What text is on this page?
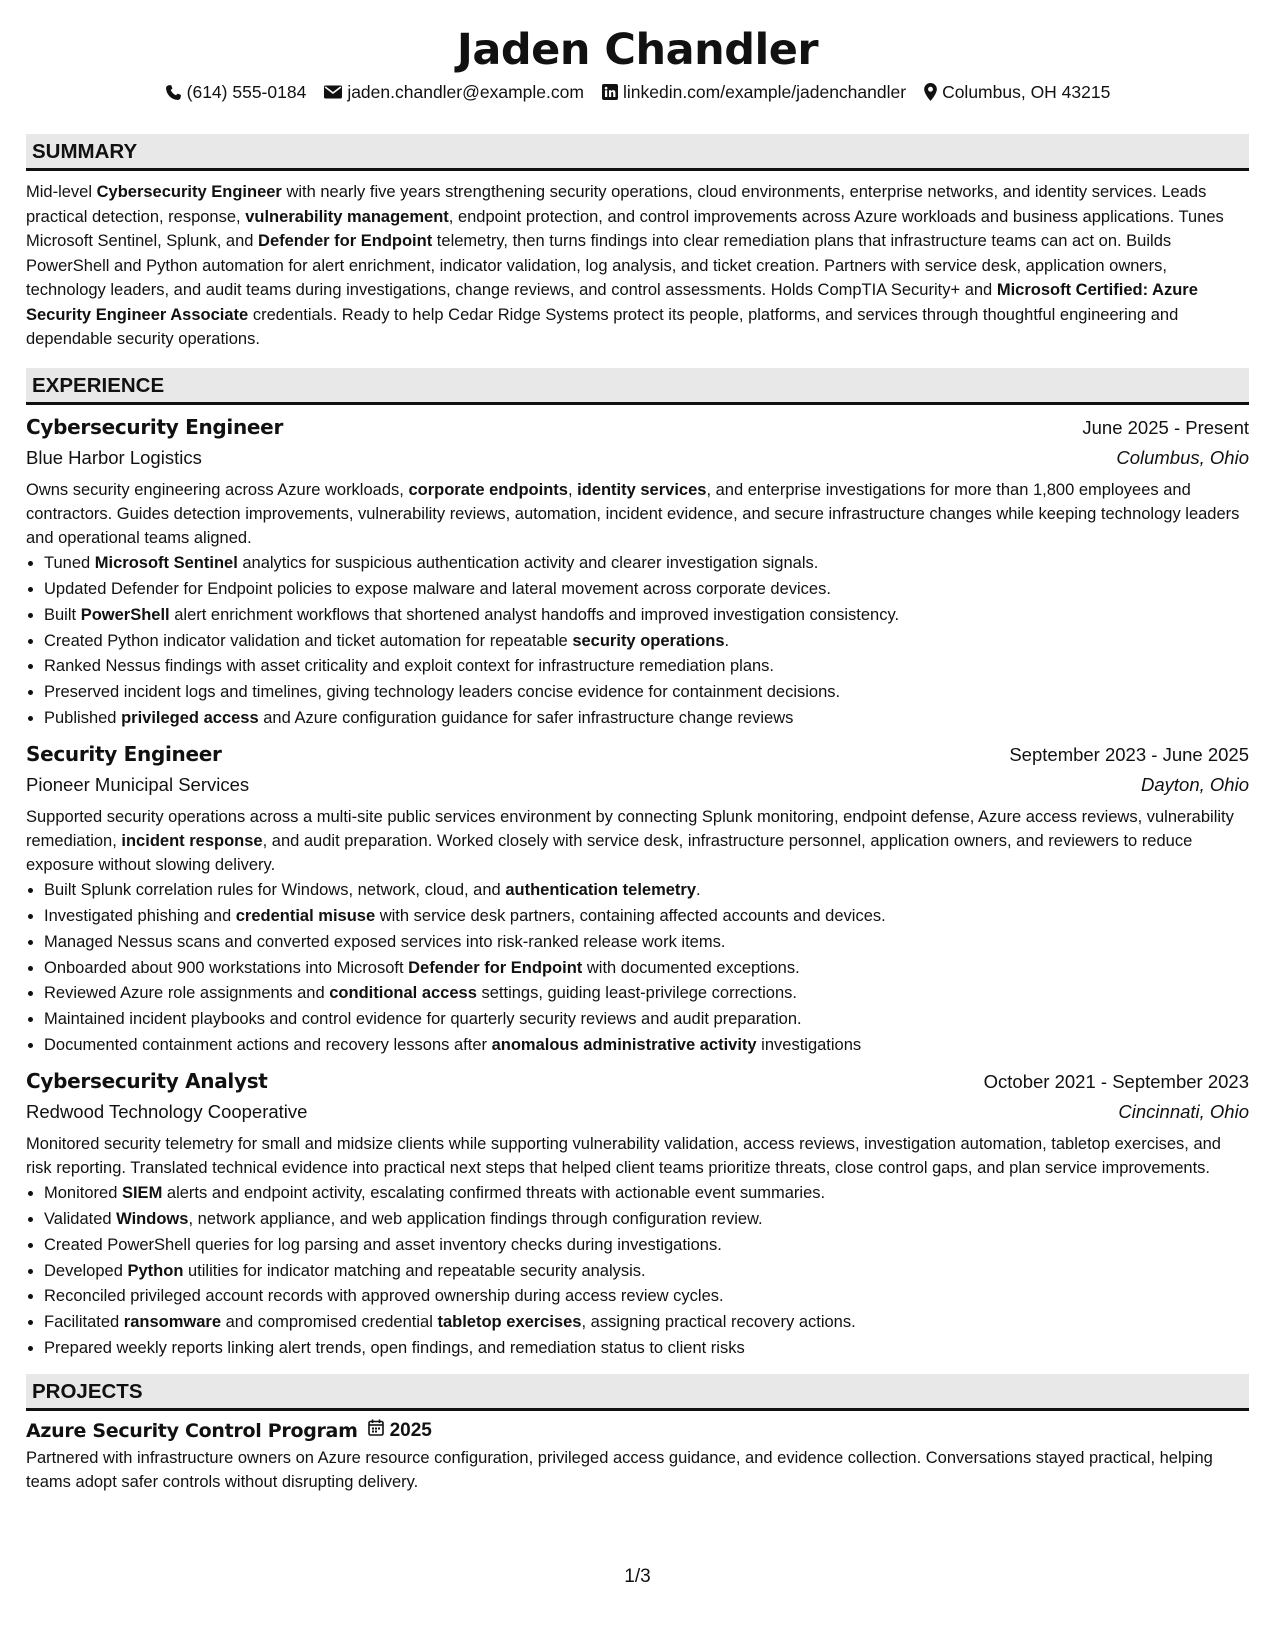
Jaden Chandler
(614) 555-0184 jaden.chandler@example.com linkedin.com/example/jadenchandler Columbus, OH 43215
SUMMARY
Mid-level Cybersecurity Engineer with nearly five years strengthening security operations, cloud environments, enterprise networks, and identity services. Leads practical detection, response, vulnerability management, endpoint protection, and control improvements across Azure workloads and business applications. Tunes Microsoft Sentinel, Splunk, and Defender for Endpoint telemetry, then turns findings into clear remediation plans that infrastructure teams can act on. Builds PowerShell and Python automation for alert enrichment, indicator validation, log analysis, and ticket creation. Partners with service desk, application owners, technology leaders, and audit teams during investigations, change reviews, and control assessments. Holds CompTIA Security+ and Microsoft Certified: Azure Security Engineer Associate credentials. Ready to help Cedar Ridge Systems protect its people, platforms, and services through thoughtful engineering and dependable security operations.
EXPERIENCE
Cybersecurity Engineer	June 2025 - Present
Blue Harbor Logistics	Columbus, Ohio
Owns security engineering across Azure workloads, corporate endpoints, identity services, and enterprise investigations for more than 1,800 employees and contractors. Guides detection improvements, vulnerability reviews, automation, incident evidence, and secure infrastructure changes while keeping technology leaders and operational teams aligned.
• Tuned Microsoft Sentinel analytics for suspicious authentication activity and clearer investigation signals.
• Updated Defender for Endpoint policies to expose malware and lateral movement across corporate devices.
• Built PowerShell alert enrichment workflows that shortened analyst handoffs and improved investigation consistency.
• Created Python indicator validation and ticket automation for repeatable security operations.
• Ranked Nessus findings with asset criticality and exploit context for infrastructure remediation plans.
• Preserved incident logs and timelines, giving technology leaders concise evidence for containment decisions.
• Published privileged access and Azure configuration guidance for safer infrastructure change reviews
Security Engineer	September 2023 - June 2025
Pioneer Municipal Services	Dayton, Ohio
Supported security operations across a multi-site public services environment by connecting Splunk monitoring, endpoint defense, Azure access reviews, vulnerability remediation, incident response, and audit preparation. Worked closely with service desk, infrastructure personnel, application owners, and reviewers to reduce exposure without slowing delivery.
• Built Splunk correlation rules for Windows, network, cloud, and authentication telemetry.
• Investigated phishing and credential misuse with service desk partners, containing affected accounts and devices.
• Managed Nessus scans and converted exposed services into risk-ranked release work items.
• Onboarded about 900 workstations into Microsoft Defender for Endpoint with documented exceptions.
• Reviewed Azure role assignments and conditional access settings, guiding least-privilege corrections.
• Maintained incident playbooks and control evidence for quarterly security reviews and audit preparation.
• Documented containment actions and recovery lessons after anomalous administrative activity investigations
Cybersecurity Analyst	October 2021 - September 2023
Redwood Technology Cooperative	Cincinnati, Ohio
Monitored security telemetry for small and midsize clients while supporting vulnerability validation, access reviews, investigation automation, tabletop exercises, and risk reporting. Translated technical evidence into practical next steps that helped client teams prioritize threats, close control gaps, and plan service improvements.
• Monitored SIEM alerts and endpoint activity, escalating confirmed threats with actionable event summaries.
• Validated Windows, network appliance, and web application findings through configuration review.
• Created PowerShell queries for log parsing and asset inventory checks during investigations.
• Developed Python utilities for indicator matching and repeatable security analysis.
• Reconciled privileged account records with approved ownership during access review cycles.
• Facilitated ransomware and compromised credential tabletop exercises, assigning practical recovery actions.
• Prepared weekly reports linking alert trends, open findings, and remediation status to client risks
PROJECTS
Azure Security Control Program 2025
Partnered with infrastructure owners on Azure resource configuration, privileged access guidance, and evidence collection. Conversations stayed practical, helping teams adopt safer controls without disrupting delivery.
1/3
